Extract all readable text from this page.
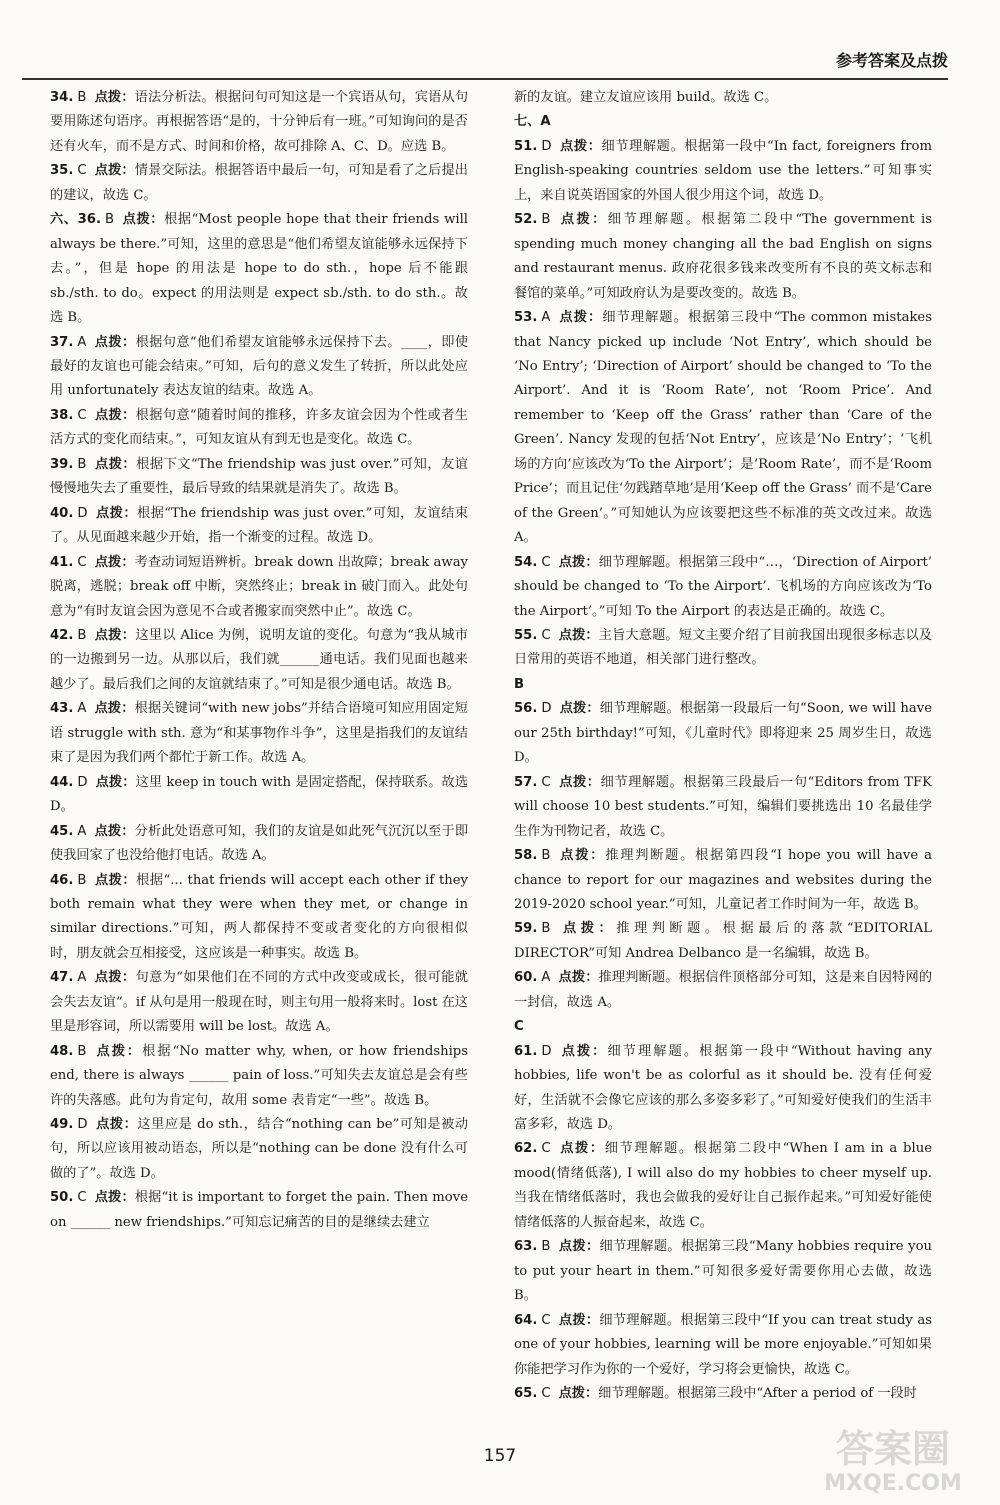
参考答案及点拨

34. B 点拨：语法分析法。根据问句可知这是一个宾语从句，宾语从句要用陈述句语序。再根据答语“是的，十分钟后有一班。”可知询问的是否还有火车，而不是方式、时间和价格，故可排除 A、C、D。应选 B。

35. C 点拨：情景交际法。根据答语中最后一句，可知是看了之后提出的建议，故选 C。

六、36. B 点拨：根据“Most people hope that their friends will always be there.”可知，这里的意思是“他们希望友谊能够永远保持下去。”，但是 hope 的用法是 hope to do sth.，hope 后不能跟 sb./sth. to do。expect 的用法则是 expect sb./sth. to do sth.。故选 B。

37. A 点拨：根据句意“他们希望友谊能够永远保持下去。____，即使最好的友谊也可能会结束。”可知，后句的意义发生了转折，所以此处应用 unfortunately 表达友谊的结束。故选 A。

38. C 点拨：根据句意“随着时间的推移，许多友谊会因为个性或者生活方式的变化而结束。”，可知友谊从有到无也是变化。故选 C。

39. B 点拨：根据下文“The friendship was just over.”可知，友谊慢慢地失去了重要性，最后导致的结果就是消失了。故选 B。

40. D 点拨：根据“The friendship was just over.”可知，友谊结束了。从见面越来越少开始，指一个渐变的过程。故选 D。

41. C 点拨：考查动词短语辨析。break down 出故障；break away 脱离，逃脱；break off 中断，突然终止；break in 破门而入。此处句意为“有时友谊会因为意见不合或者搬家而突然中止”。故选 C。

42. B 点拨：这里以 Alice 为例，说明友谊的变化。句意为“我从城市的一边搬到另一边。从那以后，我们就______通电话。我们见面也越来越少了。最后我们之间的友谊就结束了。”可知是很少通电话。故选 B。

43. A 点拨：根据关键词“with new jobs”并结合语境可知应用固定短语 struggle with sth. 意为“和某事物作斗争”，这里是指我们的友谊结束了是因为我们两个都忙于新工作。故选 A。

44. D 点拨：这里 keep in touch with 是固定搭配，保持联系。故选 D。

45. A 点拨：分析此处语意可知，我们的友谊是如此死气沉沉以至于即使我回家了也没给他打电话。故选 A。

46. B 点拨：根据“... that friends will accept each other if they both remain what they were when they met, or change in similar directions.”可知，两人都保持不变或者变化的方向很相似时，朋友就会互相接受，这应该是一种事实。故选 B。

47. A 点拨：句意为“如果他们在不同的方式中改变或成长，很可能就会失去友谊”。if 从句是用一般现在时，则主句用一般将来时。lost 在这里是形容词，所以需要用 will be lost。故选 A。

48. B 点拨：根据“No matter why, when, or how friendships end, there is always ______ pain of loss.”可知失去友谊总是会有些许的失落感。此句为肯定句，故用 some 表肯定“一些”。故选 B。

49. D 点拨：这里应是 do sth.，结合“nothing can be”可知是被动句，所以应该用被动语态，所以是“nothing can be done 没有什么可做的了”。故选 D。

50. C 点拨：根据“it is important to forget the pain. Then move on ______ new friendships.”可知忘记痛苦的目的是继续去建立

新的友谊。建立友谊应该用 build。故选 C。

七、A

51. D 点拨：细节理解题。根据第一段中“In fact, foreigners from English-speaking countries seldom use the letters.”可知事实上，来自说英语国家的外国人很少用这个词，故选 D。

52. B 点拨：细节理解题。根据第二段中“The government is spending much money changing all the bad English on signs and restaurant menus. 政府花很多钱来改变所有不良的英文标志和餐馆的菜单。”可知政府认为是要改变的。故选 B。

53. A 点拨：细节理解题。根据第三段中“The common mistakes that Nancy picked up include ‘Not Entry’, which should be ‘No Entry’; ‘Direction of Airport’ should be changed to ‘To the Airport’. And it is ‘Room Rate’, not ‘Room Price’. And remember to ‘Keep off the Grass’ rather than ‘Care of the Green’. Nancy 发现的包括‘Not Entry’，应该是‘No Entry’；‘飞机场的方向’应该改为‘To the Airport’；是‘Room Rate’，而不是‘Room Price’；而且记住‘勿践踏草地’是用‘Keep off the Grass’ 而不是‘Care of the Green’。”可知她认为应该要把这些不标准的英文改过来。故选 A。

54. C 点拨：细节理解题。根据第三段中“…，‘Direction of Airport’ should be changed to ‘To the Airport’. 飞机场的方向应该改为‘To the Airport’。”可知 To the Airport 的表达是正确的。故选 C。

55. C 点拨：主旨大意题。短文主要介绍了目前我国出现很多标志以及日常用的英语不地道，相关部门进行整改。

B

56. D 点拨：细节理解题。根据第一段最后一句“Soon, we will have our 25th birthday!”可知，《儿童时代》即将迎来 25 周岁生日，故选 D。

57. C 点拨：细节理解题。根据第三段最后一句“Editors from TFK will choose 10 best students.”可知，编辑们要挑选出 10 名最佳学生作为刊物记者，故选 C。

58. B 点拨：推理判断题。根据第四段“I hope you will have a chance to report for our magazines and websites during the 2019-2020 school year.”可知，儿童记者工作时间为一年，故选 B。

59. B 点拨：推理判断题。根据最后的落款“EDITORIAL DIRECTOR”可知 Andrea Delbanco 是一名编辑，故选 B。

60. A 点拨：推理判断题。根据信件顶格部分可知，这是来自因特网的一封信，故选 A。

C

61. D 点拨：细节理解题。根据第一段中“Without having any hobbies, life won't be as colorful as it should be. 没有任何爱好，生活就不会像它应该的那么多姿多彩了。”可知爱好使我们的生活丰富多彩，故选 D。

62. C 点拨：细节理解题。根据第二段中“When I am in a blue mood(情绪低落), I will also do my hobbies to cheer myself up. 当我在情绪低落时，我也会做我的爱好让自己振作起来。”可知爱好能使情绪低落的人振奋起来，故选 C。

63. B 点拨：细节理解题。根据第三段“Many hobbies require you to put your heart in them.”可知很多爱好需要你用心去做，故选 B。

64. C 点拨：细节理解题。根据第三段中“If you can treat study as one of your hobbies, learning will be more enjoyable.”可知如果你能把学习作为你的一个爱好，学习将会更愉快，故选 C。

65. C 点拨：细节理解题。根据第三段中“After a period of 一段时

157	答案圈
MXQE.COM
